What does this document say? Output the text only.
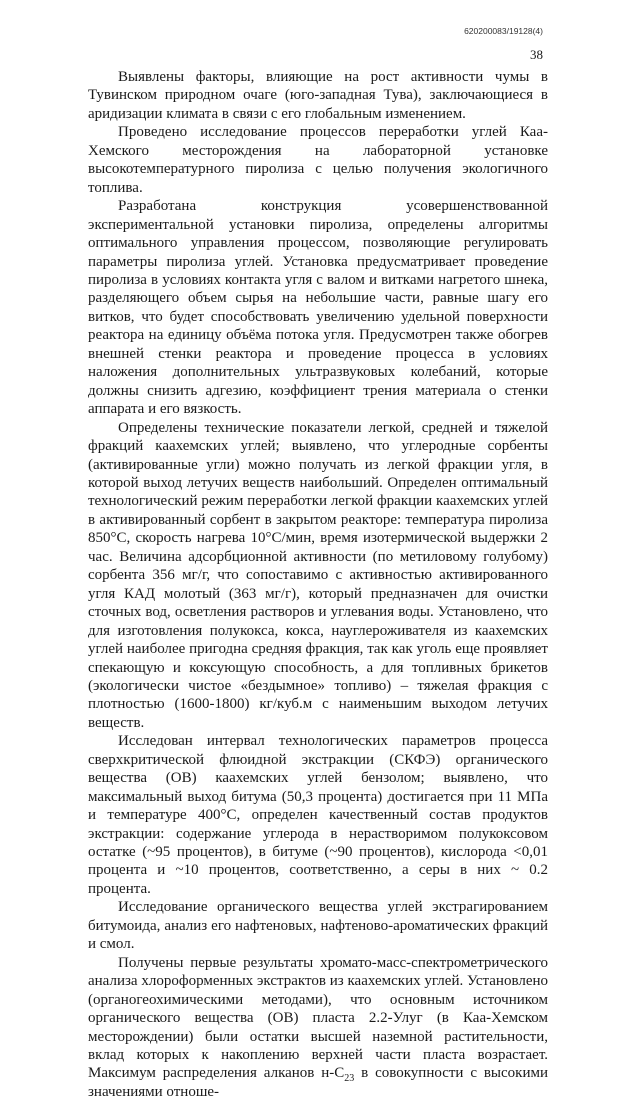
620200083/19128(4)
38

Выявлены факторы, влияющие на рост активности чумы в Тувинском природном очаге (юго-западная Тува), заключающиеся в аридизации климата в связи с его глобальным изменением.

Проведено исследование процессов переработки углей Каа-Хемского месторождения на лабораторной установке высокотемпературного пиролиза с целью получения экологичного топлива.

Разработана конструкция усовершенствованной экспериментальной установки пиролиза, определены алгоритмы оптимального управления процессом, позволяющие регулировать параметры пиролиза углей. Установка предусматривает проведение пиролиза в условиях контакта угля с валом и витками нагретого шнека, разделяющего объем сырья на небольшие части, равные шагу его витков, что будет способствовать увеличению удельной поверхности реактора на единицу объёма потока угля. Предусмотрен также обогрев внешней стенки реактора и проведение процесса в условиях наложения дополнительных ультразвуковых колебаний, которые должны снизить адгезию, коэффициент трения материала о стенки аппарата и его вязкость.

Определены технические показатели легкой, средней и тяжелой фракций каахемских углей; выявлено, что углеродные сорбенты (активированные угли) можно получать из легкой фракции угля, в которой выход летучих веществ наибольший. Определен оптимальный технологический режим переработки легкой фракции каахемских углей в активированный сорбент в закрытом реакторе: температура пиролиза 850°С, скорость нагрева 10°С/мин, время изотермической выдержки 2 час. Величина адсорбционной активности (по метиловому голубому) сорбента 356 мг/г, что сопоставимо с активностью активированного угля КАД молотый (363 мг/г), который предназначен для очистки сточных вод, осветления растворов и углевания воды. Установлено, что для изготовления полукокса, кокса, науглероживателя из каахемских углей наиболее пригодна средняя фракция, так как уголь еще проявляет спекающую и коксующую способность, а для топливных брикетов (экологически чистое «бездымное» топливо) – тяжелая фракция с плотностью (1600-1800) кг/куб.м с наименьшим выходом летучих веществ.

Исследован интервал технологических параметров процесса сверхкритической флюидной экстракции (СКФЭ) органического вещества (ОВ) каахемских углей бензолом; выявлено, что максимальный выход битума (50,3 процента) достигается при 11 МПа и температуре 400°С, определен качественный состав продуктов экстракции: содержание углерода в нерастворимом полукоксовом остатке (~95 процентов), в битуме (~90 процентов), кислорода <0,01 процента и ~10 процентов, соответственно, а серы в них ~ 0.2 процента.

Исследование органического вещества углей экстрагированием битумоида, анализ его нафтеновых, нафтеново-ароматических фракций и смол.

Получены первые результаты хромато-масс-спектрометрического анализа хлороформенных экстрактов из каахемских углей. Установлено (органогеохимическими методами), что основным источником органического вещества (ОВ) пласта 2.2-Улуг (в Каа-Хемском месторождении) были остатки высшей наземной растительности, вклад которых к накоплению верхней части пласта возрастает. Максимум распределения алканов $н-С_{23}$ в совокупности с высокими значениями отноше-
